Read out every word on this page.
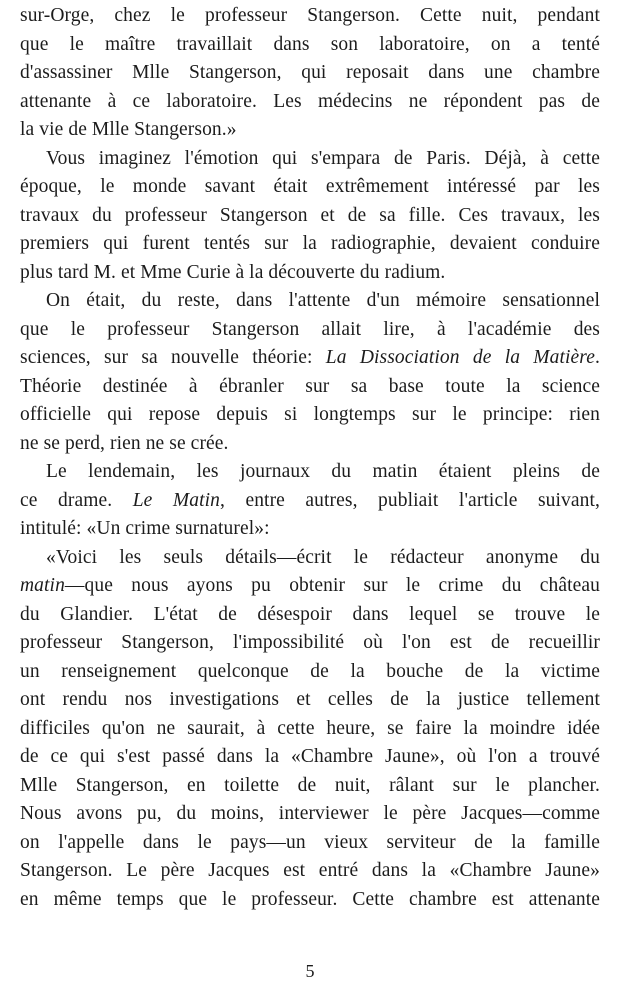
sur-Orge, chez le professeur Stangerson. Cette nuit, pendant
que le maître travaillait dans son laboratoire, on a tenté
d'assassiner Mlle Stangerson, qui reposait dans une chambre
attenante à ce laboratoire. Les médecins ne répondent pas de
la vie de Mlle Stangerson.»
Vous imaginez l'émotion qui s'empara de Paris. Déjà, à cette
époque, le monde savant était extrêmement intéressé par les
travaux du professeur Stangerson et de sa fille. Ces travaux, les
premiers qui furent tentés sur la radiographie, devaient conduire
plus tard M. et Mme Curie à la découverte du radium.
On était, du reste, dans l'attente d'un mémoire sensationnel
que le professeur Stangerson allait lire, à l'académie des
sciences, sur sa nouvelle théorie: La Dissociation de la Matière.
Théorie destinée à ébranler sur sa base toute la science
officielle qui repose depuis si longtemps sur le principe: rien
ne se perd, rien ne se crée.
Le lendemain, les journaux du matin étaient pleins de
ce drame. Le Matin, entre autres, publiait l'article suivant,
intitulé: «Un crime surnaturel»:
«Voici les seuls détails—écrit le rédacteur anonyme du
matin—que nous ayons pu obtenir sur le crime du château
du Glandier. L'état de désespoir dans lequel se trouve le
professeur Stangerson, l'impossibilité où l'on est de recueillir
un renseignement quelconque de la bouche de la victime
ont rendu nos investigations et celles de la justice tellement
difficiles qu'on ne saurait, à cette heure, se faire la moindre idée
de ce qui s'est passé dans la «Chambre Jaune», où l'on a trouvé
Mlle Stangerson, en toilette de nuit, râlant sur le plancher.
Nous avons pu, du moins, interviewer le père Jacques—comme
on l'appelle dans le pays—un vieux serviteur de la famille
Stangerson. Le père Jacques est entré dans la «Chambre Jaune»
en même temps que le professeur. Cette chambre est attenante
5
